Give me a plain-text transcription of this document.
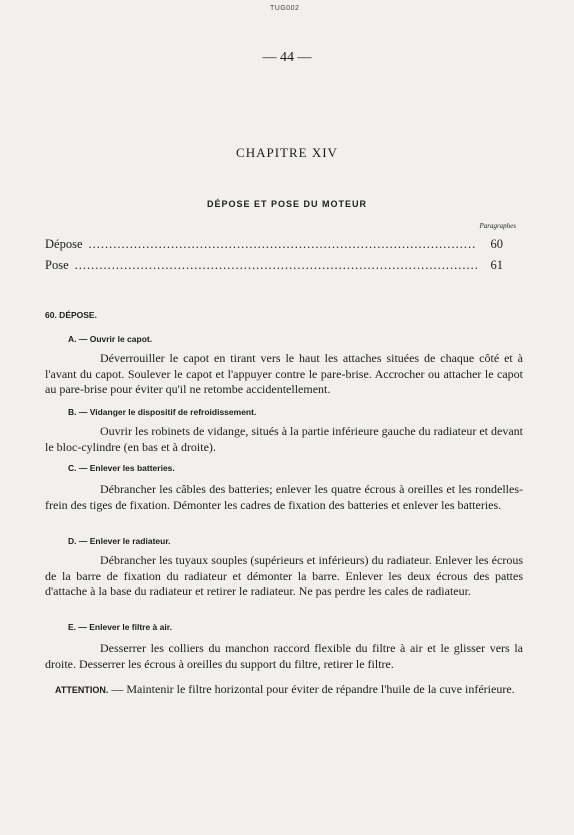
TUG002
— 44 —
CHAPITRE XIV
DÉPOSE ET POSE DU MOTEUR
Paragraphes
Dépose .....	60
Pose .....	61
60. DÉPOSE.
A. — Ouvrir le capot.

Déverrouiller le capot en tirant vers le haut les attaches situées de chaque côté et à l'avant du capot. Soulever le capot et l'appuyer contre le pare-brise. Accrocher ou attacher le capot au pare-brise pour éviter qu'il ne retombe accidentellement.

B. — Vidanger le dispositif de refroidissement.

Ouvrir les robinets de vidange, situés à la partie inférieure gauche du radiateur et devant le bloc-cylindre (en bas et à droite).

C. — Enlever les batteries.

Débrancher les câbles des batteries; enlever les quatre écrous à oreilles et les rondelles-frein des tiges de fixation. Démonter les cadres de fixation des batteries et enlever les batteries.

D. — Enlever le radiateur.

Débrancher les tuyaux souples (supérieurs et inférieurs) du radiateur. Enlever les écrous de la barre de fixation du radiateur et démonter la barre. Enlever les deux écrous des pattes d'attache à la base du radiateur et retirer le radiateur. Ne pas perdre les cales de radiateur.

E. — Enlever le filtre à air.

Desserrer les colliers du manchon raccord flexible du filtre à air et le glisser vers la droite. Desserrer les écrous à oreilles du support du filtre, retirer le filtre.

ATTENTION. — Maintenir le filtre horizontal pour éviter de répandre l'huile de la cuve inférieure.
